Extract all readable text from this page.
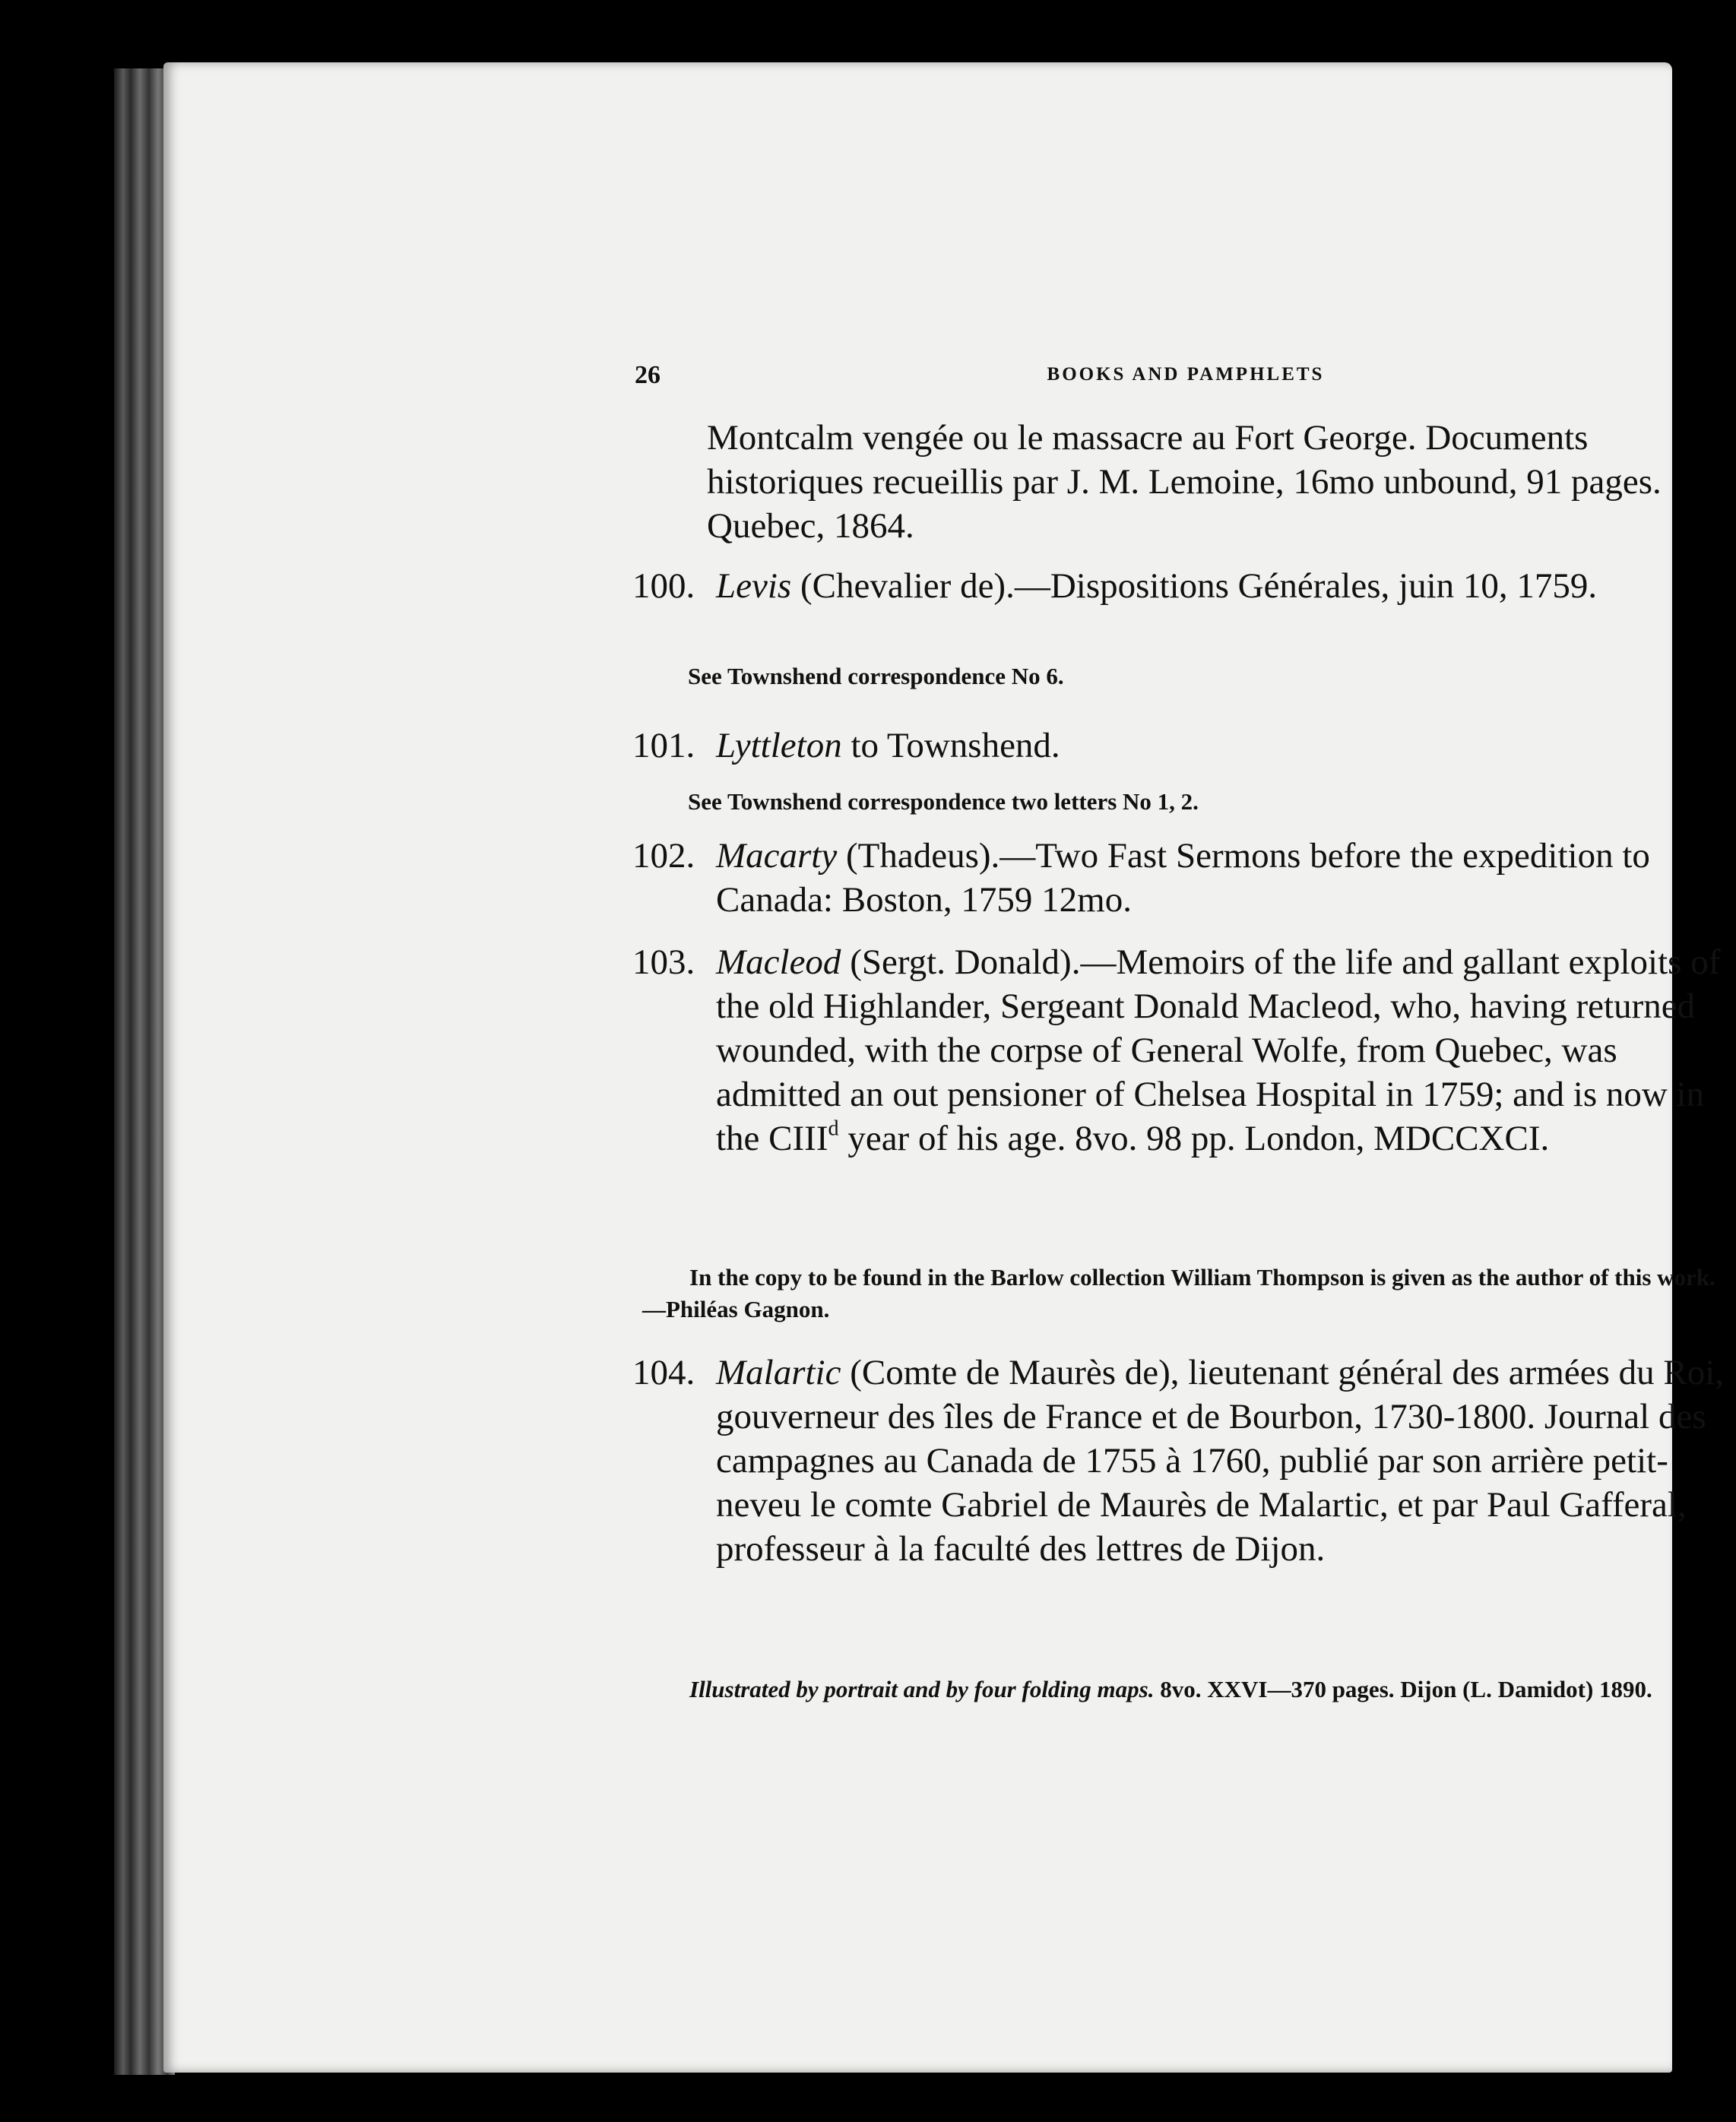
26	BOOKS AND PAMPHLETS
Montcalm vengée ou le massacre au Fort George. Documents historiques recueillis par J. M. Lemoine, 16mo unbound, 91 pages. Quebec, 1864.
100. Levis (Chevalier de).—Dispositions Générales, juin 10, 1759.
See Townshend correspondence No 6.
101. Lyttleton to Townshend.
See Townshend correspondence two letters No 1, 2.
102. Macarty (Thadeus).—Two Fast Sermons before the expedition to Canada: Boston, 1759 12mo.
103. Macleod (Sergt. Donald).—Memoirs of the life and gallant exploits of the old Highlander, Sergeant Donald Macleod, who, having returned wounded, with the corpse of General Wolfe, from Quebec, was admitted an out pensioner of Chelsea Hospital in 1759; and is now in the CIII$^d$ year of his age. 8vo. 98 pp. London, MDCCXCI.
In the copy to be found in the Barlow collection William Thompson is given as the author of this work.—Philéas Gagnon.
104. Malartic (Comte de Maurès de), lieutenant général des armées du Roi, gouverneur des îles de France et de Bourbon, 1730-1800. Journal des campagnes au Canada de 1755 à 1760, publié par son arrière petit-neveu le comte Gabriel de Maurès de Malartic, et par Paul Gafferal, professeur à la faculté des lettres de Dijon.
Illustrated by portrait and by four folding maps. 8vo. XXVI—370 pages. Dijon (L. Damidot) 1890.
